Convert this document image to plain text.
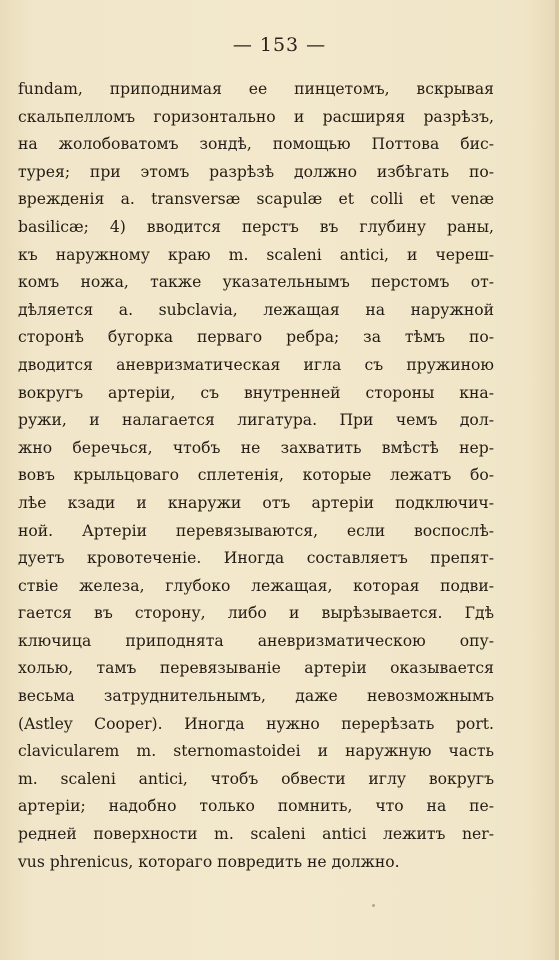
— 153 —
fundam, приподнимая ее пинцетомъ, вскрывая
скальпелломъ горизонтально и расширяя разрѣзъ,
на жолобоватомъ зондѣ, помощью Поттова бис-
турея; при этомъ разрѣзѣ должно избѣгать по-
врежденія a. transversæ scapulæ et colli et venæ
basilicæ; 4) вводится перстъ въ глубину раны,
къ наружному краю m. scaleni antici, и череш-
комъ ножа, также указательнымъ перстомъ от-
дѣляется a. subclavia, лежащая на наружной
сторонѣ бугорка перваго ребра; за тѣмъ по-
дводится аневризматическая игла съ пружиною
вокругъ артеріи, съ внутренней стороны кна-
ружи, и налагается лигатура. При чемъ дол-
жно беречься, чтобъ не захватить вмѣстѣ нер-
вовъ крыльцоваго сплетенія, которые лежатъ бо-
лѣе кзади и кнаружи отъ артеріи подключич-
ной. Артеріи перевязываются, если воспослѣ-
дуетъ кровотеченіе. Иногда составляетъ препят-
ствіе железа, глубоко лежащая, которая подви-
гается въ сторону, либо и вырѣзывается. Гдѣ
ключица приподнята аневризматическою опу-
холью, тамъ перевязываніе артеріи оказывается
весьма затруднительнымъ, даже невозможнымъ
(Astley Cooper). Иногда нужно перерѣзать port.
clavicularem m. sternomastoidei и наружную часть
m. scaleni antici, чтобъ обвести иглу вокругъ
артеріи; надобно только помнить, что на пе-
редней поверхности m. scaleni antici лежитъ ner-
vus phrenicus, котораго повредить не должно.
